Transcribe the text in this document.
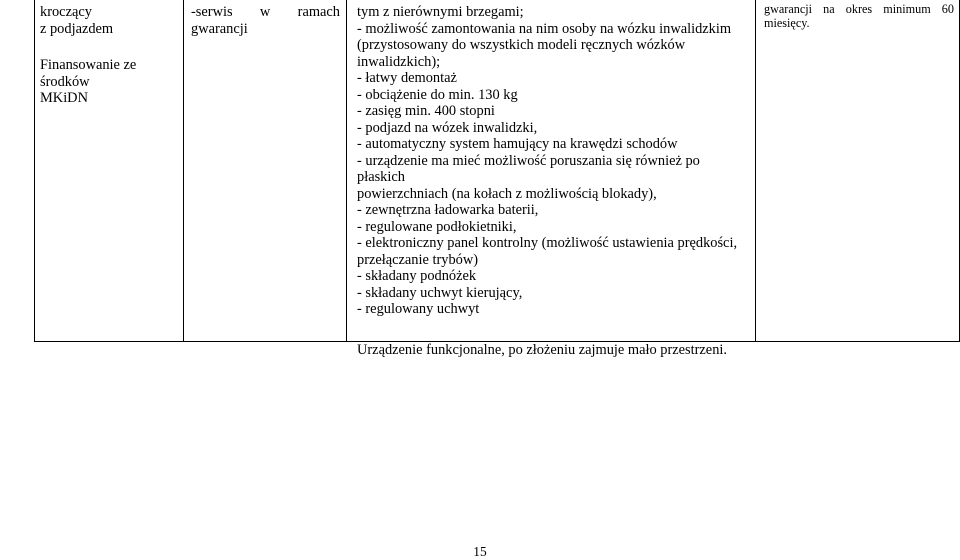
kroczący

z podjazdem

Finansowanie ze

środków

MKiDN

-serwis w ramach

gwarancji

tym z nierównymi brzegami;

- możliwość zamontowania na nim osoby na wózku inwalidzkim

(przystosowany do wszystkich modeli ręcznych wózków

inwalidzkich);

- łatwy demontaż

- obciążenie do min. 130 kg

- zasięg min. 400 stopni

- podjazd na wózek inwalidzki,

- automatyczny system hamujący na krawędzi schodów

- urządzenie ma mieć możliwość poruszania się również po płaskich

powierzchniach (na kołach z możliwością blokady),

- zewnętrzna ładowarka baterii,

- regulowane podłokietniki,

- elektroniczny panel kontrolny (możliwość ustawienia prędkości,

przełączanie trybów)

- składany podnóżek

- składany uchwyt kierujący,

- regulowany uchwyt

Urządzenie funkcjonalne, po złożeniu zajmuje mało przestrzeni.

gwarancji na okres minimum 60

miesięcy.

15
